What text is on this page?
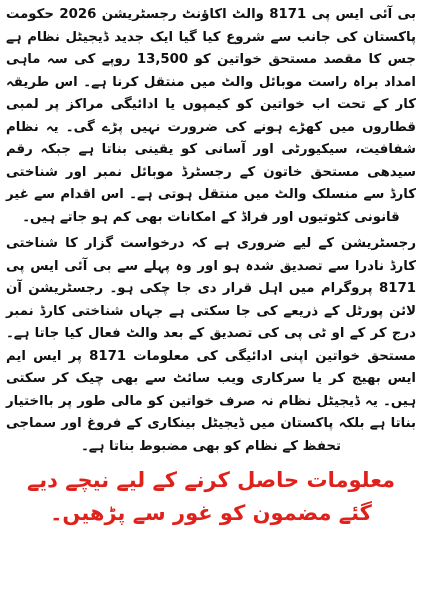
بی آئی ایس پی 8171 والٹ اکاؤنٹ رجسٹریشن 2026 حکومت پاکستان کی جانب سے شروع کیا گیا ایک جدید ڈیجیٹل نظام ہے جس کا مقصد مستحق خواتین کو 13,500 روپے کی سہ ماہی امداد براہ راست موبائل والٹ میں منتقل کرنا ہے۔ اس طریقہ کار کے تحت اب خواتین کو کیمپوں یا ادائیگی مراکز پر لمبی قطاروں میں کھڑے ہونے کی ضرورت نہیں پڑے گی۔ یہ نظام شفافیت، سیکیورٹی اور آسانی کو یقینی بناتا ہے جبکہ رقم سیدھی مستحق خاتون کے رجسٹرڈ موبائل نمبر اور شناختی کارڈ سے منسلک والٹ میں منتقل ہوتی ہے۔ اس اقدام سے غیر قانونی کٹوتیوں اور فراڈ کے امکانات بھی کم ہو جاتے ہیں۔

رجسٹریشن کے لیے ضروری ہے کہ درخواست گزار کا شناختی کارڈ نادرا سے تصدیق شدہ ہو اور وہ پہلے سے بی آئی ایس پی 8171 پروگرام میں اہل قرار دی جا چکی ہو۔ رجسٹریشن آن لائن پورٹل کے ذریعے کی جا سکتی ہے جہاں شناختی کارڈ نمبر درج کر کے او ٹی پی کی تصدیق کے بعد والٹ فعال کیا جاتا ہے۔ مستحق خواتین اپنی ادائیگی کی معلومات 8171 پر ایس ایم ایس بھیج کر یا سرکاری ویب سائٹ سے بھی چیک کر سکتی ہیں۔ یہ ڈیجیٹل نظام نہ صرف خواتین کو مالی طور پر بااختیار بناتا ہے بلکہ پاکستان میں ڈیجیٹل بینکاری کے فروغ اور سماجی تحفظ کے نظام کو بھی مضبوط بناتا ہے۔

معلومات حاصل کرنے کے لیے نیچے دیے
گئے مضمون کو غور سے پڑھیں۔
